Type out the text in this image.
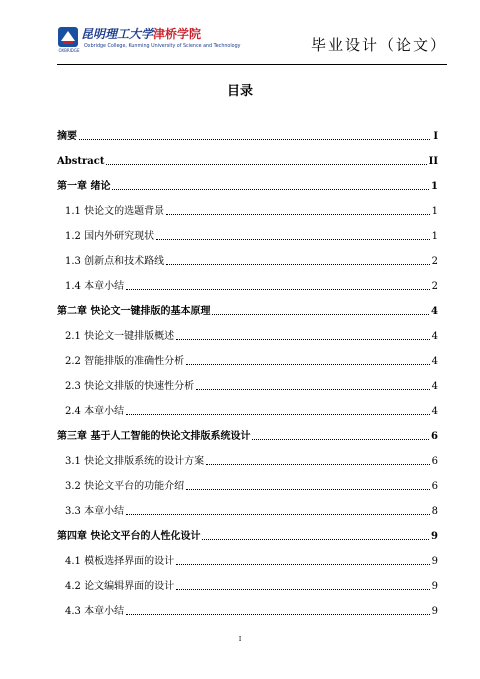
OXBRIDGE
昆明理工大学津桥学院
Oxbridge College, Kunming University of Science and Technology	毕业设计（论文）
目录
摘要	I
Abstract	II
第一章 绪论	1
1.1 快论文的选题背景	1
1.2 国内外研究现状	1
1.3 创新点和技术路线	2
1.4 本章小结	2
第二章 快论文一键排版的基本原理	4
2.1 快论文一键排版概述	4
2.2 智能排版的准确性分析	4
2.3 快论文排版的快速性分析	4
2.4 本章小结	4
第三章 基于人工智能的快论文排版系统设计	6
3.1 快论文排版系统的设计方案	6
3.2 快论文平台的功能介绍	6
3.3 本章小结	8
第四章 快论文平台的人性化设计	9
4.1 模板选择界面的设计	9
4.2 论文编辑界面的设计	9
4.3 本章小结	9
I
